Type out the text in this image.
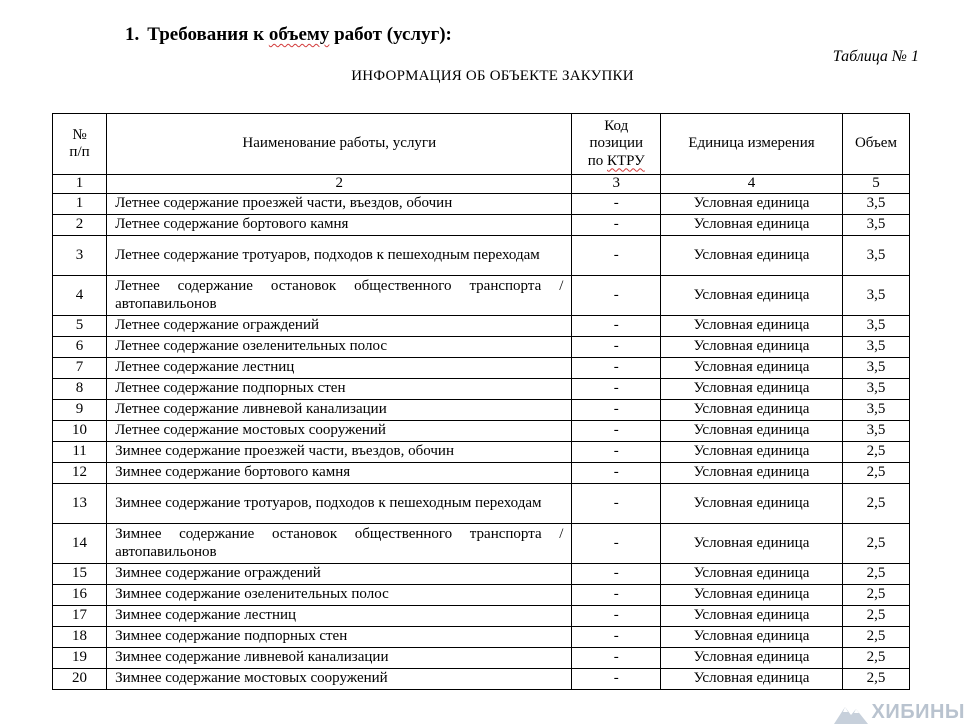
1. Требования к объему работ (услуг):
Таблица № 1
ИНФОРМАЦИЯ ОБ ОБЪЕКТЕ ЗАКУПКИ
№
п/п	Наименование работы, услуги	Код
позиции
по КТРУ	Единица измерения	Объем
1	2	3	4	5
1	Летнее содержание проезжей части, въездов, обочин	-	Условная единица	3,5
2	Летнее содержание бортового камня	-	Условная единица	3,5
3	Летнее содержание тротуаров, подходов к пешеходным переходам	-	Условная единица	3,5
4	Летнее содержание остановок общественного транспорта / автопавильонов	-	Условная единица	3,5
5	Летнее содержание ограждений	-	Условная единица	3,5
6	Летнее содержание озеленительных полос	-	Условная единица	3,5
7	Летнее содержание лестниц	-	Условная единица	3,5
8	Летнее содержание подпорных стен	-	Условная единица	3,5
9	Летнее содержание ливневой канализации	-	Условная единица	3,5
10	Летнее содержание мостовых сооружений	-	Условная единица	3,5
11	Зимнее содержание проезжей части, въездов, обочин	-	Условная единица	2,5
12	Зимнее содержание бортового камня	-	Условная единица	2,5
13	Зимнее содержание тротуаров, подходов к пешеходным переходам	-	Условная единица	2,5
14	Зимнее содержание остановок общественного транспорта / автопавильонов	-	Условная единица	2,5
15	Зимнее содержание ограждений	-	Условная единица	2,5
16	Зимнее содержание озеленительных полос	-	Условная единица	2,5
17	Зимнее содержание лестниц	-	Условная единица	2,5
18	Зимнее содержание подпорных стен	-	Условная единица	2,5
19	Зимнее содержание ливневой канализации	-	Условная единица	2,5
20	Зимнее содержание мостовых сооружений	-	Условная единица	2,5
ХИБИНЫ
